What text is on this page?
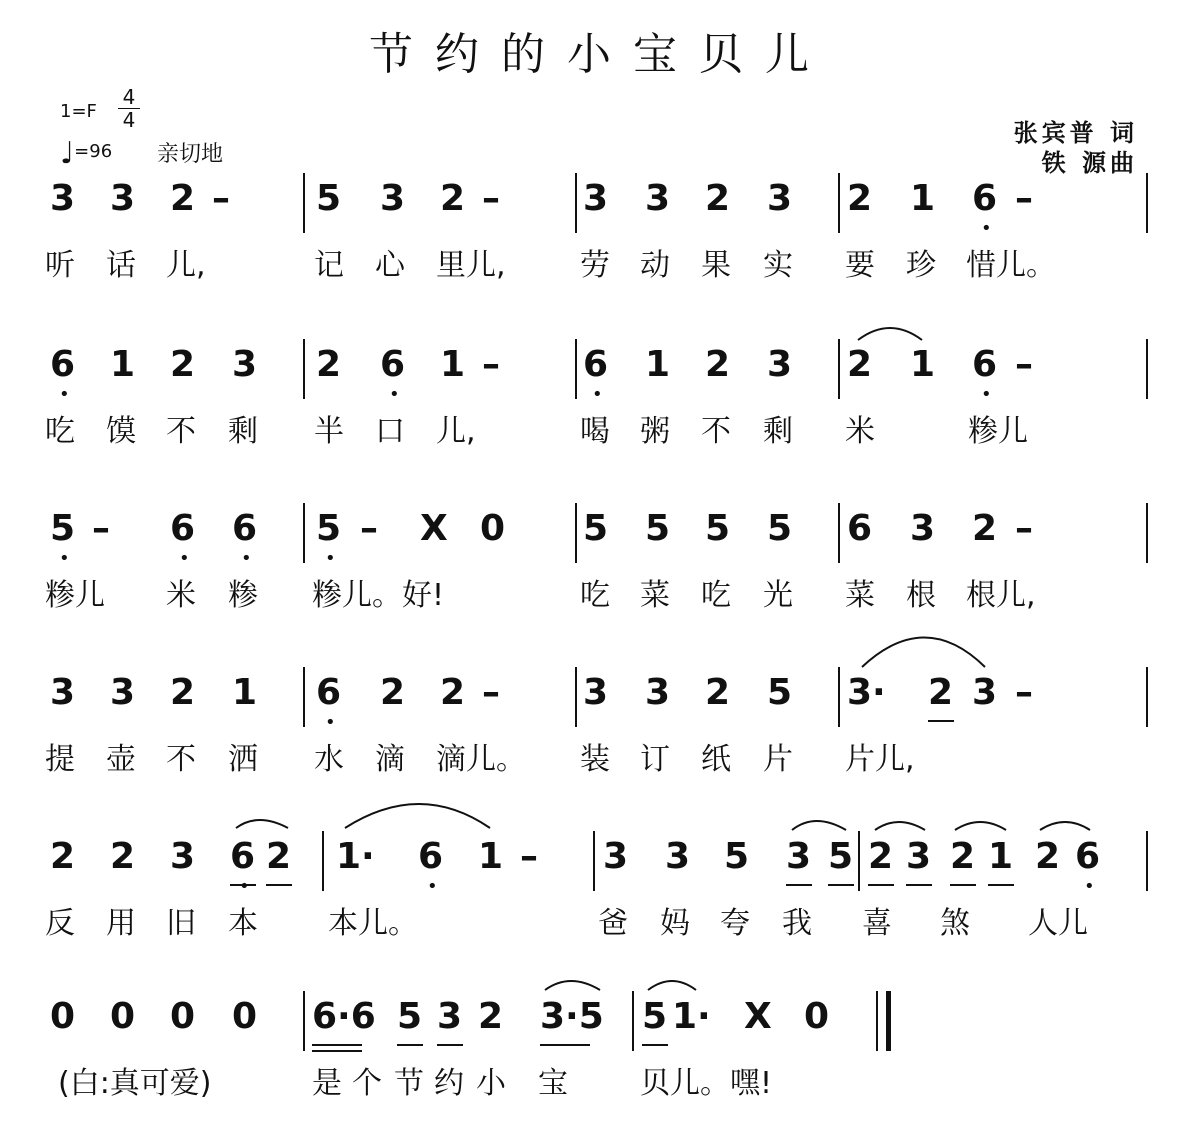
节约的小宝贝儿
1=F
4
4
♩=96 亲切地
张宾普 词
铁 源曲
3 3 2 – 5 3 2 – 3 3 2 3 2 1 6
•
–
听 话 儿,	记 心 里儿, 劳 动 果 实 要 珍 惜儿。
6
•
1 2 3 2 6
•
1 – 6
•
1 2 3 2 1 6
•
–
吃 馍 不 剩 半 口 儿,	喝 粥 不 剩 米	糁儿
5
•
– 6
•
6
•
5
•
– X 0 5 5 5 5 6 3 2 –
糁儿 米 糁 糁儿。好!	吃 菜 吃 光 菜 根 根儿,
3 3 2 1 6
•
2 2 – 3 3 2 5 3· 2 3 –
提 壶 不 洒 水 滴 滴儿。 装 订 纸 片 片儿,
2 2 3 6
•
2 1· 6
•
1 – 3 3 5 3 5 2 3 2 1 2 6
•
反 用 旧 本 本儿。	爸 妈 夸 我 喜 煞 人儿
0 0 0 0 6·6 5 3 2 3·5 5 1· X 0
(白:真可爱)	是 个 节 约 小 宝 贝儿。嘿!
